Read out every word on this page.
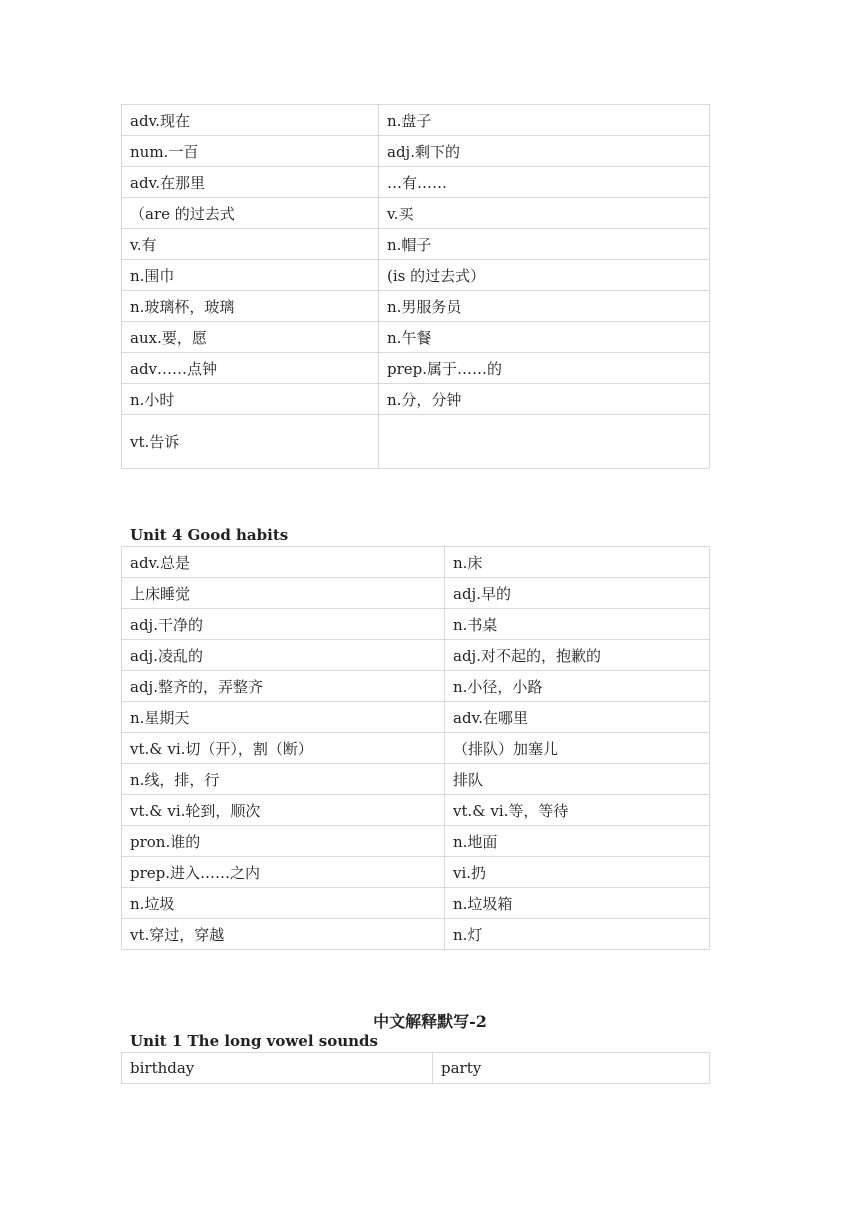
adv.现在	n.盘子
num.一百	adj.剩下的
adv.在那里	…有……
（are 的过去式	v.买
v.有	n.帽子
n.围巾	(is 的过去式）
n.玻璃杯，玻璃	n.男服务员
aux.要，愿	n.午餐
adv……点钟	prep.属于……的
n.小时	n.分，分钟
vt.告诉	
Unit 4 Good habits
adv.总是	n.床
上床睡觉	adj.早的
adj.干净的	n.书桌
adj.凌乱的	adj.对不起的，抱歉的
adj.整齐的，弄整齐	n.小径，小路
n.星期天	adv.在哪里
vt.& vi.切（开），割（断）	（排队）加塞儿
n.线，排，行	排队
vt.& vi.轮到，顺次	vt.& vi.等，等待
pron.谁的	n.地面
prep.进入……之内	vi.扔
n.垃圾	n.垃圾箱
vt.穿过，穿越	n.灯
中文解释默写-2
Unit 1 The long vowel sounds
birthday	party
